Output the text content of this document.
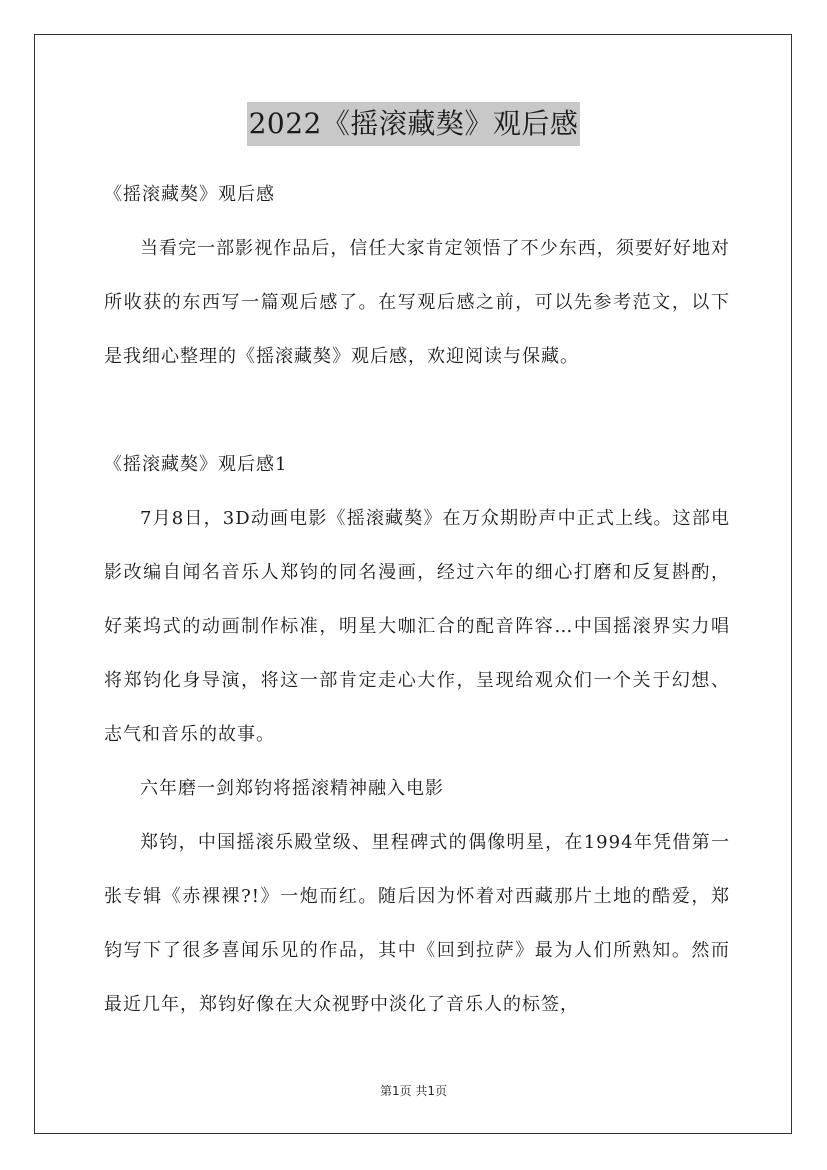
2022《摇滚藏獒》观后感

《摇滚藏獒》观后感

当看完一部影视作品后，信任大家肯定领悟了不少东西，须要好好地对所收获的东西写一篇观后感了。在写观后感之前，可以先参考范文，以下是我细心整理的《摇滚藏獒》观后感，欢迎阅读与保藏。

《摇滚藏獒》观后感1

7月8日，3D动画电影《摇滚藏獒》在万众期盼声中正式上线。这部电影改编自闻名音乐人郑钧的同名漫画，经过六年的细心打磨和反复斟酌，好莱坞式的动画制作标准，明星大咖汇合的配音阵容…中国摇滚界实力唱将郑钧化身导演，将这一部肯定走心大作，呈现给观众们一个关于幻想、志气和音乐的故事。

六年磨一剑郑钧将摇滚精神融入电影

郑钧，中国摇滚乐殿堂级、里程碑式的偶像明星，在1994年凭借第一张专辑《赤裸裸?!》一炮而红。随后因为怀着对西藏那片土地的酷爱，郑钧写下了很多喜闻乐见的作品，其中《回到拉萨》最为人们所熟知。然而最近几年，郑钧好像在大众视野中淡化了音乐人的标签，

第1页 共1页
